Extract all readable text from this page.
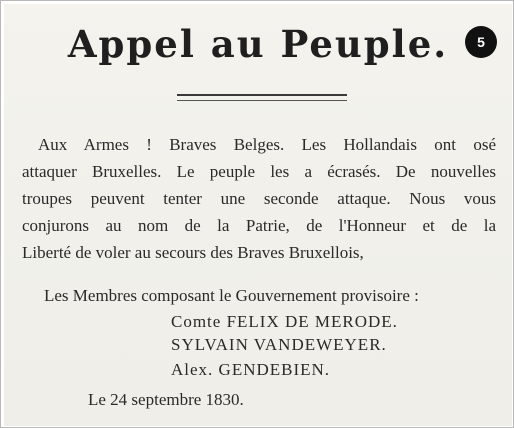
Appel au Peuple.	5
Aux Armes ! Braves Belges. Les Hollandais ont osé
attaquer Bruxelles. Le peuple les a écrasés. De nouvelles
troupes peuvent tenter une seconde attaque. Nous vous
conjurons au nom de la Patrie, de l'Honneur et de la
Liberté de voler au secours des Braves Bruxellois,
Les Membres composant le Gouvernement provisoire :
Comte FELIX DE MERODE.
SYLVAIN VANDEWEYER.
Alex. GENDEBIEN.
Le 24 septembre 1830.
